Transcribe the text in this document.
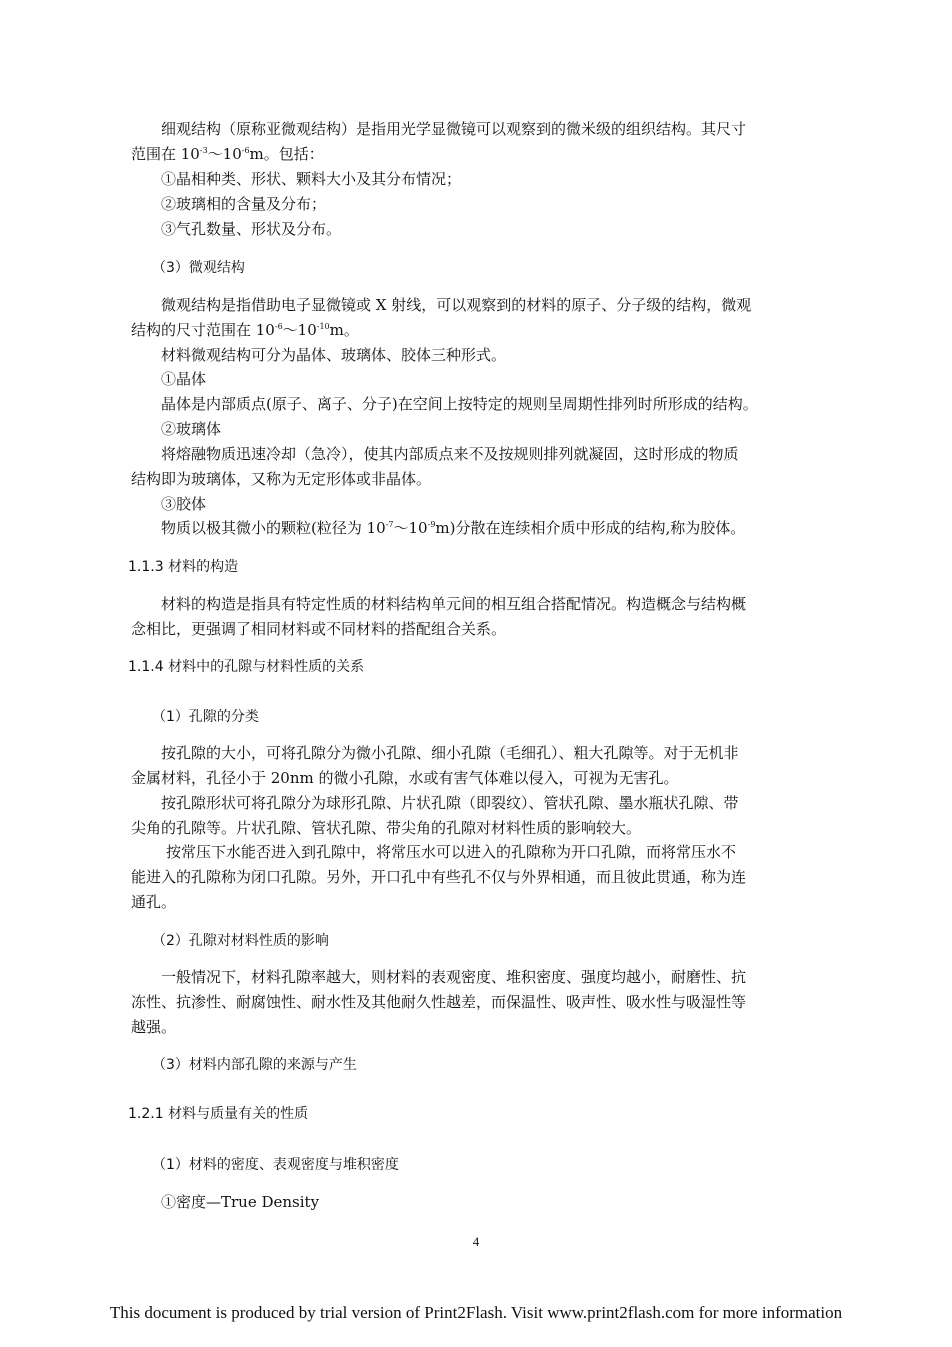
细观结构（原称亚微观结构）是指用光学显微镜可以观察到的微米级的组织结构。其尺寸
范围在 $10^{-3}\sim 10^{-6}m$。包括：
①晶相种类、形状、颗料大小及其分布情况；
②玻璃相的含量及分布；
③气孔数量、形状及分布。
（3）微观结构
微观结构是指借助电子显微镜或 X 射线，可以观察到的材料的原子、分子级的结构，微观
结构的尺寸范围在 $10^{-6}\sim 10^{-10}m$。
材料微观结构可分为晶体、玻璃体、胶体三种形式。
①晶体
晶体是内部质点(原子、离子、分子)在空间上按特定的规则呈周期性排列时所形成的结构。
②玻璃体
将熔融物质迅速冷却（急冷），使其内部质点来不及按规则排列就凝固，这时形成的物质
结构即为玻璃体，又称为无定形体或非晶体。
③胶体
物质以极其微小的颗粒(粒径为 $10^{-7}\sim 10^{-9}m$)分散在连续相介质中形成的结构,称为胶体。
1.1.3 材料的构造
材料的构造是指具有特定性质的材料结构单元间的相互组合搭配情况。构造概念与结构概
念相比，更强调了相同材料或不同材料的搭配组合关系。
1.1.4 材料中的孔隙与材料性质的关系
（1）孔隙的分类
按孔隙的大小，可将孔隙分为微小孔隙、细小孔隙（毛细孔）、粗大孔隙等。对于无机非
金属材料，孔径小于 20nm 的微小孔隙，水或有害气体难以侵入，可视为无害孔。
按孔隙形状可将孔隙分为球形孔隙、片状孔隙（即裂纹）、管状孔隙、墨水瓶状孔隙、带
尖角的孔隙等。片状孔隙、管状孔隙、带尖角的孔隙对材料性质的影响较大。
按常压下水能否进入到孔隙中，将常压水可以进入的孔隙称为开口孔隙，而将常压水不
能进入的孔隙称为闭口孔隙。另外，开口孔中有些孔不仅与外界相通，而且彼此贯通，称为连
通孔。
（2）孔隙对材料性质的影响
一般情况下，材料孔隙率越大，则材料的表观密度、堆积密度、强度均越小，耐磨性、抗
冻性、抗渗性、耐腐蚀性、耐水性及其他耐久性越差，而保温性、吸声性、吸水性与吸湿性等
越强。
（3）材料内部孔隙的来源与产生
1.2.1 材料与质量有关的性质
（1）材料的密度、表观密度与堆积密度
①密度—True Density
4
This document is produced by trial version of Print2Flash. Visit www.print2flash.com for more information
